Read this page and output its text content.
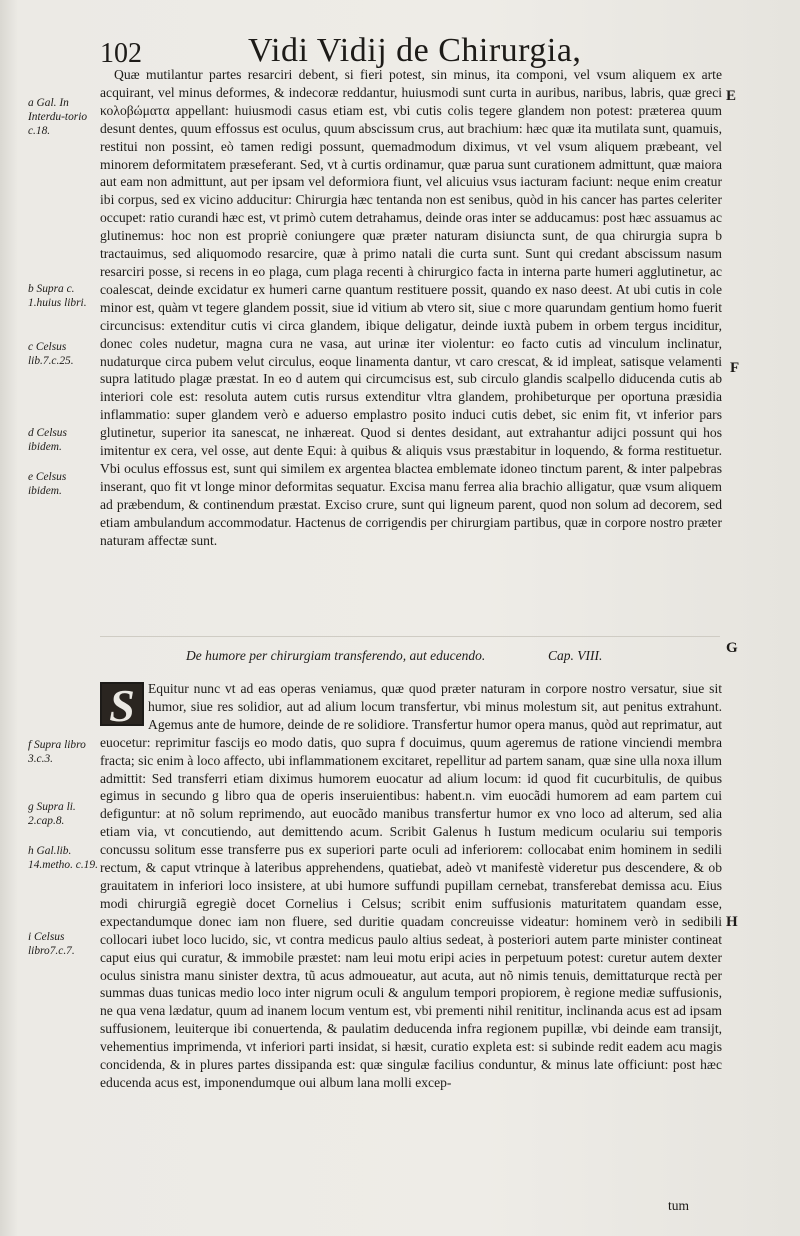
102	Vidi Vidij de Chirurgia,
E
F
G
H
a Gal. In Interdu-torio c.18.
b Supra c. 1.huius libri.
c Celsus lib.7.c.25.
d Celsus ibidem.
e Celsus ibidem.
f Supra libro 3.c.3.
g Supra li. 2.cap.8.
h Gal.lib. 14.metho. c.19.
i Celsus libro7.c.7.

Quæ mutilantur partes resarciri debent, si fieri potest, sin minus, ita componi, vel vsum aliquem ex arte acquirant, vel minus deformes, & indecoræ reddantur, huiusmodi sunt curta in auribus, naribus, labris, quæ greci κολοβώματα appellant: huiusmodi casus etiam est, vbi cutis colis tegere glandem non potest: præterea quum desunt dentes, quum effossus est oculus, quum abscissum crus, aut brachium: hæc quæ ita mutilata sunt, quamuis, restitui non possint, eò tamen redigi possunt, quemadmodum diximus, vt vel vsum aliquem præbeant, vel minorem deformitatem præseferant. Sed, vt à curtis ordinamur, quæ parua sunt curationem admittunt, quæ maiora aut eam non admittunt, aut per ipsam vel deformiora fiunt, vel alicuius vsus iacturam faciunt: neque enim creatur ibi corpus, sed ex vicino adducitur: Chirurgia hæc tentanda non est senibus, quòd in his cancer has partes celeriter occupet: ratio curandi hæc est, vt primò cutem detrahamus, deinde oras inter se adducamus: post hæc assuamus ac glutinemus: hoc non est propriè coniungere quæ præter naturam disiuncta sunt, de qua chirurgia supra b tractauimus, sed aliquomodo resarcire, quæ à primo natali die curta sunt. Sunt qui credant abscissum nasum resarciri posse, si recens in eo plaga, cum plaga recenti à chirurgico facta in interna parte humeri agglutinetur, ac coalescat, deinde excidatur ex humeri carne quantum restituere possit, quando ex naso deest. At ubi cutis in cole minor est, quàm vt tegere glandem possit, siue id vitium ab vtero sit, siue c more quarundam gentium homo fuerit circuncisus: extenditur cutis vi circa glandem, ibique deligatur, deinde iuxtà pubem in orbem tergus inciditur, donec coles nudetur, magna cura ne vasa, aut urinæ iter violentur: eo facto cutis ad vinculum inclinatur, nudaturque circa pubem velut circulus, eoque linamenta dantur, vt caro crescat, & id impleat, satisque velamenti supra latitudo plagæ præstat. In eo d autem qui circumcisus est, sub circulo glandis scalpello diducenda cutis ab interiori cole est: resoluta autem cutis rursus extenditur vltra glandem, prohibeturque per oportuna præsidia inflammatio: super glandem verò e aduerso emplastro posito induci cutis debet, sic enim fit, vt inferior pars glutinetur, superior ita sanescat, ne inhæreat. Quod si dentes desidant, aut extrahantur adijci possunt qui hos imitentur ex cera, vel osse, aut dente Equi: à quibus & aliquis vsus præstabitur in loquendo, & forma restituetur. Vbi oculus effossus est, sunt qui similem ex argentea blactea emblemate idoneo tinctum parent, & inter palpebras inserant, quo fit vt longe minor deformitas sequatur. Excisa manu ferrea alia brachio alligatur, quæ vsum aliquem ad præbendum, & continendum præstat. Exciso crure, sunt qui ligneum parent, quod non solum ad decorem, sed etiam ambulandum accommodatur. Hactenus de corrigendis per chirurgiam partibus, quæ in corpore nostro præter naturam affectæ sunt.

De humore per chirurgiam transferendo, aut educendo.	Cap. VIII.

S Equitur nunc vt ad eas operas veniamus, quæ quod præter naturam in corpore nostro versatur, siue sit humor, siue res solidior, aut ad alium locum transfertur, vbi minus molestum sit, aut penitus extrahunt. Agemus ante de humore, deinde de re solidiore. Transfertur humor opera manus, quòd aut reprimatur, aut euocetur: reprimitur fascijs eo modo datis, quo supra f docuimus, quum ageremus de ratione vinciendi membra fracta; sic enim à loco affecto, ubi inflammationem excitaret, repellitur ad partem sanam, quæ sine ulla noxa illum admittit: Sed transferri etiam diximus humorem euocatur ad alium locum: id quod fit cucurbitulis, de quibus egimus in secundo g libro qua de operis inseruientibus: habent.n. vim euocãdi humorem ad eam partem cui defiguntur: at nõ solum reprimendo, aut euocãdo manibus transfertur humor ex vno loco ad alterum, sed alia etiam via, vt concutiendo, aut demittendo acum. Scribit Galenus h Iustum medicum oculariu sui temporis concussu solitum esse transferre pus ex superiori parte oculi ad inferiorem: collocabat enim hominem in sedili rectum, & caput vtrinque à lateribus apprehendens, quatiebat, adeò vt manifestè videretur pus descendere, & ob grauitatem in inferiori loco insistere, at ubi humore suffundi pupillam cernebat, transferebat demissa acu. Eius modi chirurgiã egregiè docet Cornelius i Celsus; scribit enim suffusionis maturitatem quandam esse, expectandumque donec iam non fluere, sed duritie quadam concreuisse videatur: hominem verò in sedibili collocari iubet loco lucido, sic, vt contra medicus paulo altius sedeat, à posteriori autem parte minister contineat caput eius qui curatur, & immobile præstet: nam leui motu eripi acies in perpetuum potest: curetur autem dexter oculus sinistra manu sinister dextra, tũ acus admoueatur, aut acuta, aut nõ nimis tenuis, demittaturque rectà per summas duas tunicas medio loco inter nigrum oculi & angulum tempori propiorem, è regione mediæ suffusionis, ne qua vena lædatur, quum ad inanem locum ventum est, vbi prementi nihil renititur, inclinanda acus est ad ipsam suffusionem, leuiterque ibi conuertenda, & paulatim deducenda infra regionem pupillæ, vbi deinde eam transijt, vehementius imprimenda, vt inferiori parti insidat, si hæsit, curatio expleta est: si subinde redit eadem acu magis concidenda, & in plures partes dissipanda est: quæ singulæ facilius conduntur, & minus late officiunt: post hæc educenda acus est, imponendumque oui album lana molli excep-

tum
